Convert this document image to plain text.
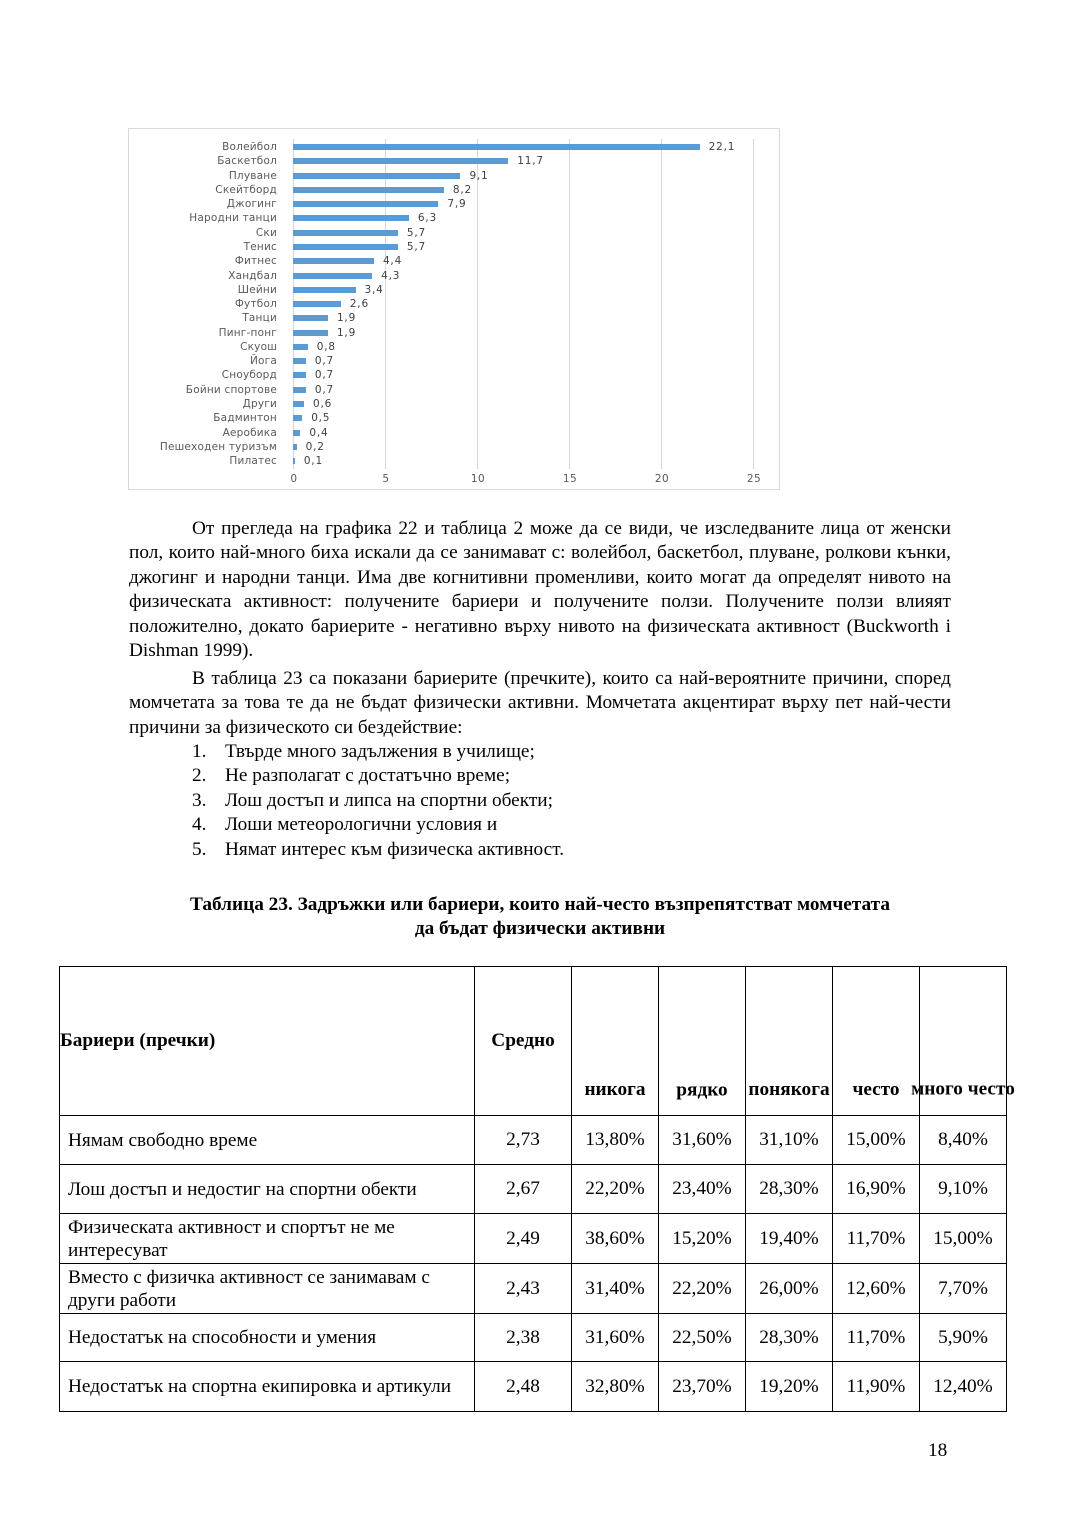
Волейбол	22,1
Баскетбол	11,7
Плуване	9,1
Скейтборд	8,2
Джогинг	7,9
Народни танци	6,3
Ски	5,7
Тенис	5,7
Фитнес	4,4
Хандбал	4,3
Шейни	3,4
Футбол	2,6
Танци	1,9
Пинг-понг	1,9
Скуош	0,8
Йога	0,7
Сноуборд	0,7
Бойни спортове	0,7
Други	0,6
Бадминтон	0,5
Аеробика	0,4
Пешеходен туризъм	0,2
Пилатес	0,1
0	5	10	15	20	25
От прегледа на графика 22 и таблица 2 може да се види, че изследваните лица от женски пол, които най-много биха искали да се занимават с: волейбол, баскетбол, плуване, ролкови кънки, джогинг и народни танци. Има две когнитивни променливи, които могат да определят нивото на физическата активност: получените бариери и получените ползи. Получените ползи влияят положително, докато бариерите - негативно върху нивото на физическата активност (Buckworth i Dishman 1999).
В таблица 23 са показани бариерите (пречките), които са най-вероятните причини, според момчетата за това те да не бъдат физически активни. Момчетата акцентират върху пет най-чести причини за физическото си бездействие:
1. Твърде много задължения в училище;
2. Не разполагат с достатъчно време;
3. Лош достъп и липса на спортни обекти;
4. Лоши метеорологични условия и
5. Нямат интерес към физическа активност.
Таблица 23. Задръжки или бариери, които най-често възпрепятстват момчетата
да бъдат физически активни
Бариери (пречки)	Средно	никога	рядко	понякога	често	много често

Нямам свободно време	2,73	13,80%	31,60%	31,10%	15,00%	8,40%
Лош достъп и недостиг на спортни обекти	2,67	22,20%	23,40%	28,30%	16,90%	9,10%
Физическата активност и спортът не ме интересуват	2,49	38,60%	15,20%	19,40%	11,70%	15,00%
Вместо с физичка активност се занимавам с други работи	2,43	31,40%	22,20%	26,00%	12,60%	7,70%
Недостатък на способности и умения	2,38	31,60%	22,50%	28,30%	11,70%	5,90%
Недостатък на спортна екипировка и артикули	2,48	32,80%	23,70%	19,20%	11,90%	12,40%
18
